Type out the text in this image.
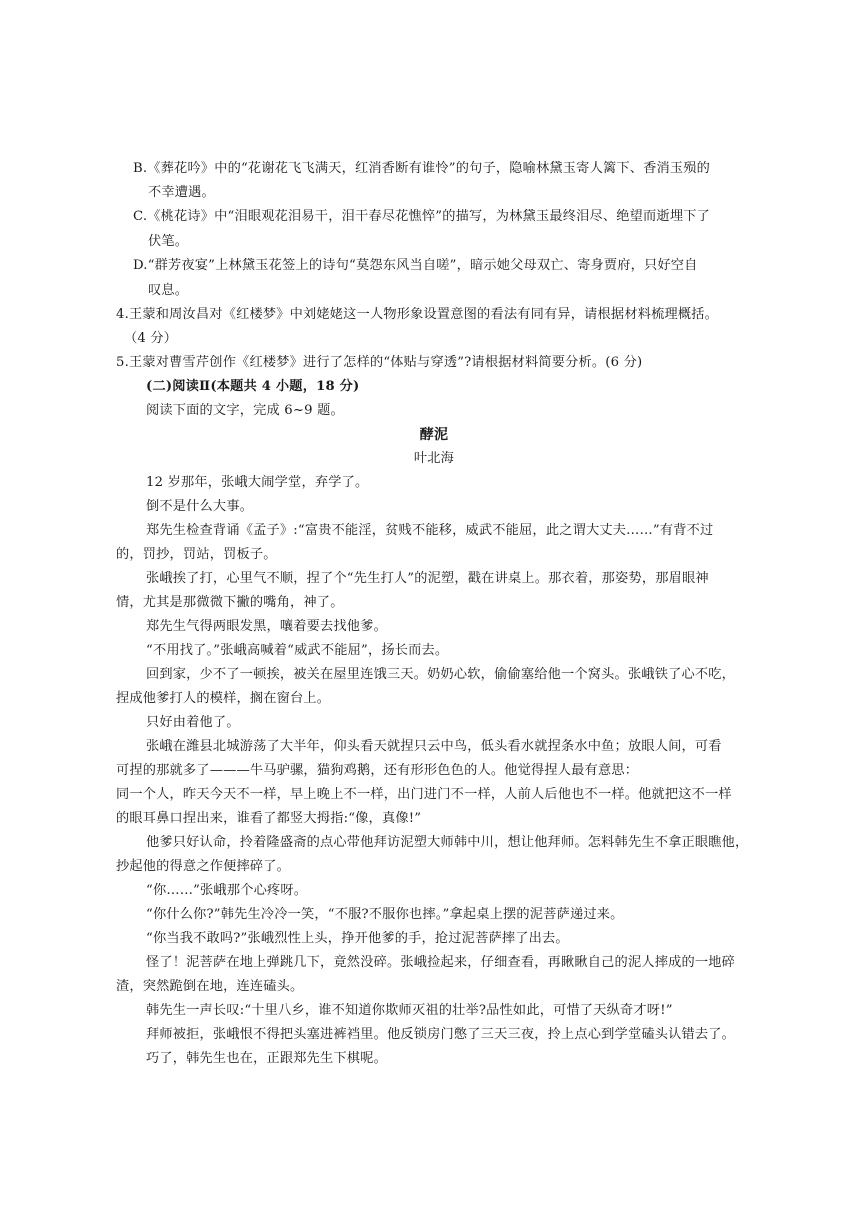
B.《葬花吟》中的“花谢花飞飞满天，红消香断有谁怜”的句子，隐喻林黛玉寄人篱下、香消玉殒的
不幸遭遇。
C.《桃花诗》中“泪眼观花泪易干，泪干春尽花憔悴”的描写，为林黛玉最终泪尽、绝望而逝埋下了
伏笔。
D.“群芳夜宴”上林黛玉花签上的诗句“莫怨东风当自嗟”，暗示她父母双亡、寄身贾府，只好空自
叹息。
4.王蒙和周汝昌对《红楼梦》中刘姥姥这一人物形象设置意图的看法有同有异，请根据材料梳理概括。
（4 分）
5.王蒙对曹雪芹创作《红楼梦》进行了怎样的“体贴与穿透”?请根据材料简要分析。(6 分)
(二)阅读Ⅱ(本题共 4 小题，18 分)
阅读下面的文字，完成 6~9 题。
酵泥
叶北海
12 岁那年，张峨大闹学堂，弃学了。
倒不是什么大事。
郑先生检查背诵《孟子》:“富贵不能淫，贫贱不能移，威武不能屈，此之谓大丈夫……”有背不过
的，罚抄，罚站，罚板子。
张峨挨了打，心里气不顺，捏了个“先生打人”的泥塑，戳在讲桌上。那衣着，那姿势，那眉眼神
情，尤其是那微微下撇的嘴角，神了。
郑先生气得两眼发黑，嚷着要去找他爹。
“不用找了。”张峨高喊着“威武不能屈”，扬长而去。
回到家，少不了一顿挨，被关在屋里连饿三天。奶奶心软，偷偷塞给他一个窝头。张峨铁了心不吃，
捏成他爹打人的模样，搁在窗台上。
只好由着他了。
张峨在潍县北城游荡了大半年，仰头看天就捏只云中鸟，低头看水就捏条水中鱼；放眼人间，可看
可捏的那就多了———牛马驴骡，猫狗鸡鹅，还有形形色色的人。他觉得捏人最有意思：
同一个人，昨天今天不一样，早上晚上不一样，出门进门不一样，人前人后他也不一样。他就把这不一样
的眼耳鼻口捏出来，谁看了都竖大拇指:“像，真像!”
他爹只好认命，拎着隆盛斋的点心带他拜访泥塑大师韩中川，想让他拜师。怎料韩先生不拿正眼瞧他，
抄起他的得意之作便摔碎了。
“你……”张峨那个心疼呀。
“你什么你?”韩先生冷冷一笑，“不服?不服你也摔。”拿起桌上摆的泥菩萨递过来。
“你当我不敢吗?”张峨烈性上头，挣开他爹的手，抢过泥菩萨摔了出去。
怪了！泥菩萨在地上弹跳几下，竟然没碎。张峨捡起来，仔细查看，再瞅瞅自己的泥人摔成的一地碎
渣，突然跪倒在地，连连磕头。
韩先生一声长叹:“十里八乡，谁不知道你欺师灭祖的壮举?品性如此，可惜了天纵奇才呀!”
拜师被拒，张峨恨不得把头塞进裤裆里。他反锁房门憋了三天三夜，拎上点心到学堂磕头认错去了。
巧了，韩先生也在，正跟郑先生下棋呢。
